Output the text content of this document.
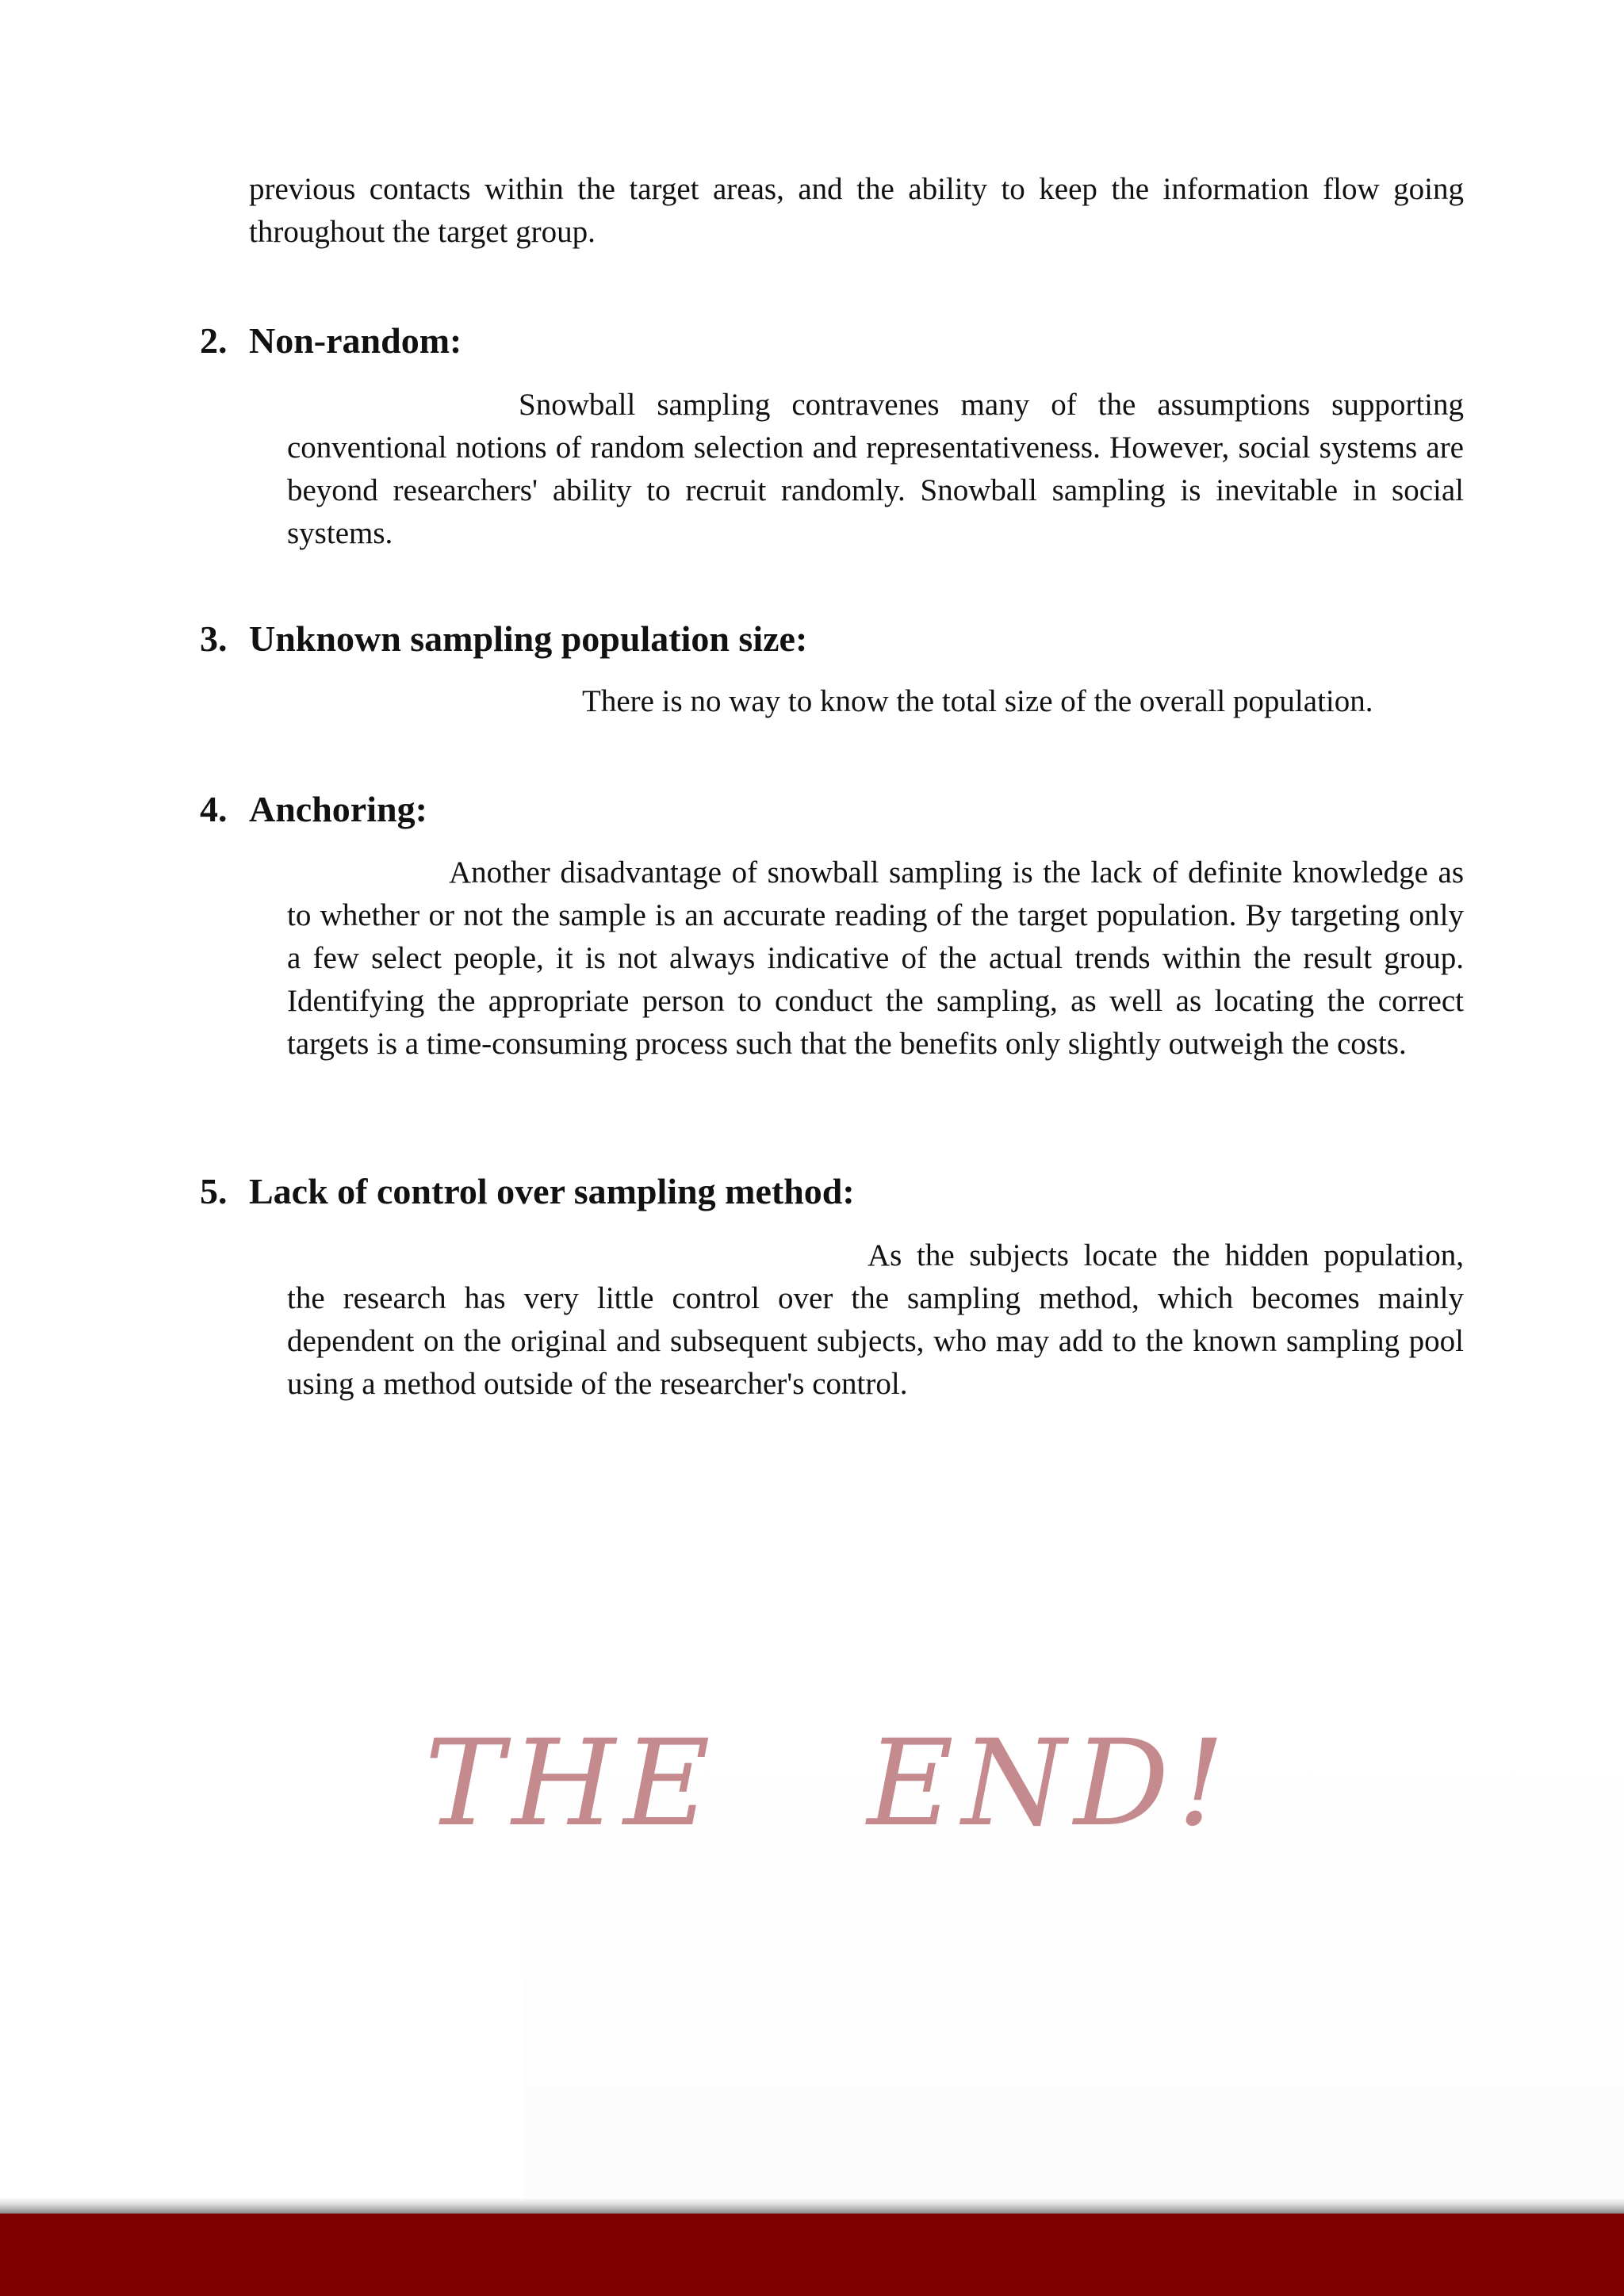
previous contacts within the target areas, and the ability to keep the information flow going throughout the target group.

2. Non-random:

Snowball sampling contravenes many of the assumptions supporting conventional notions of random selection and representativeness. However, social systems are beyond researchers' ability to recruit randomly. Snowball sampling is inevitable in social systems.

3. Unknown sampling population size:

There is no way to know the total size of the overall population.

4. Anchoring:

Another disadvantage of snowball sampling is the lack of definite knowledge as to whether or not the sample is an accurate reading of the target population. By targeting only a few select people, it is not always indicative of the actual trends within the result group. Identifying the appropriate person to conduct the sampling, as well as locating the correct targets is a time-consuming process such that the benefits only slightly outweigh the costs.

5. Lack of control over sampling method:

As the subjects locate the hidden population, the research has very little control over the sampling method, which becomes mainly dependent on the original and subsequent subjects, who may add to the known sampling pool using a method outside of the researcher's control.

THE END!
